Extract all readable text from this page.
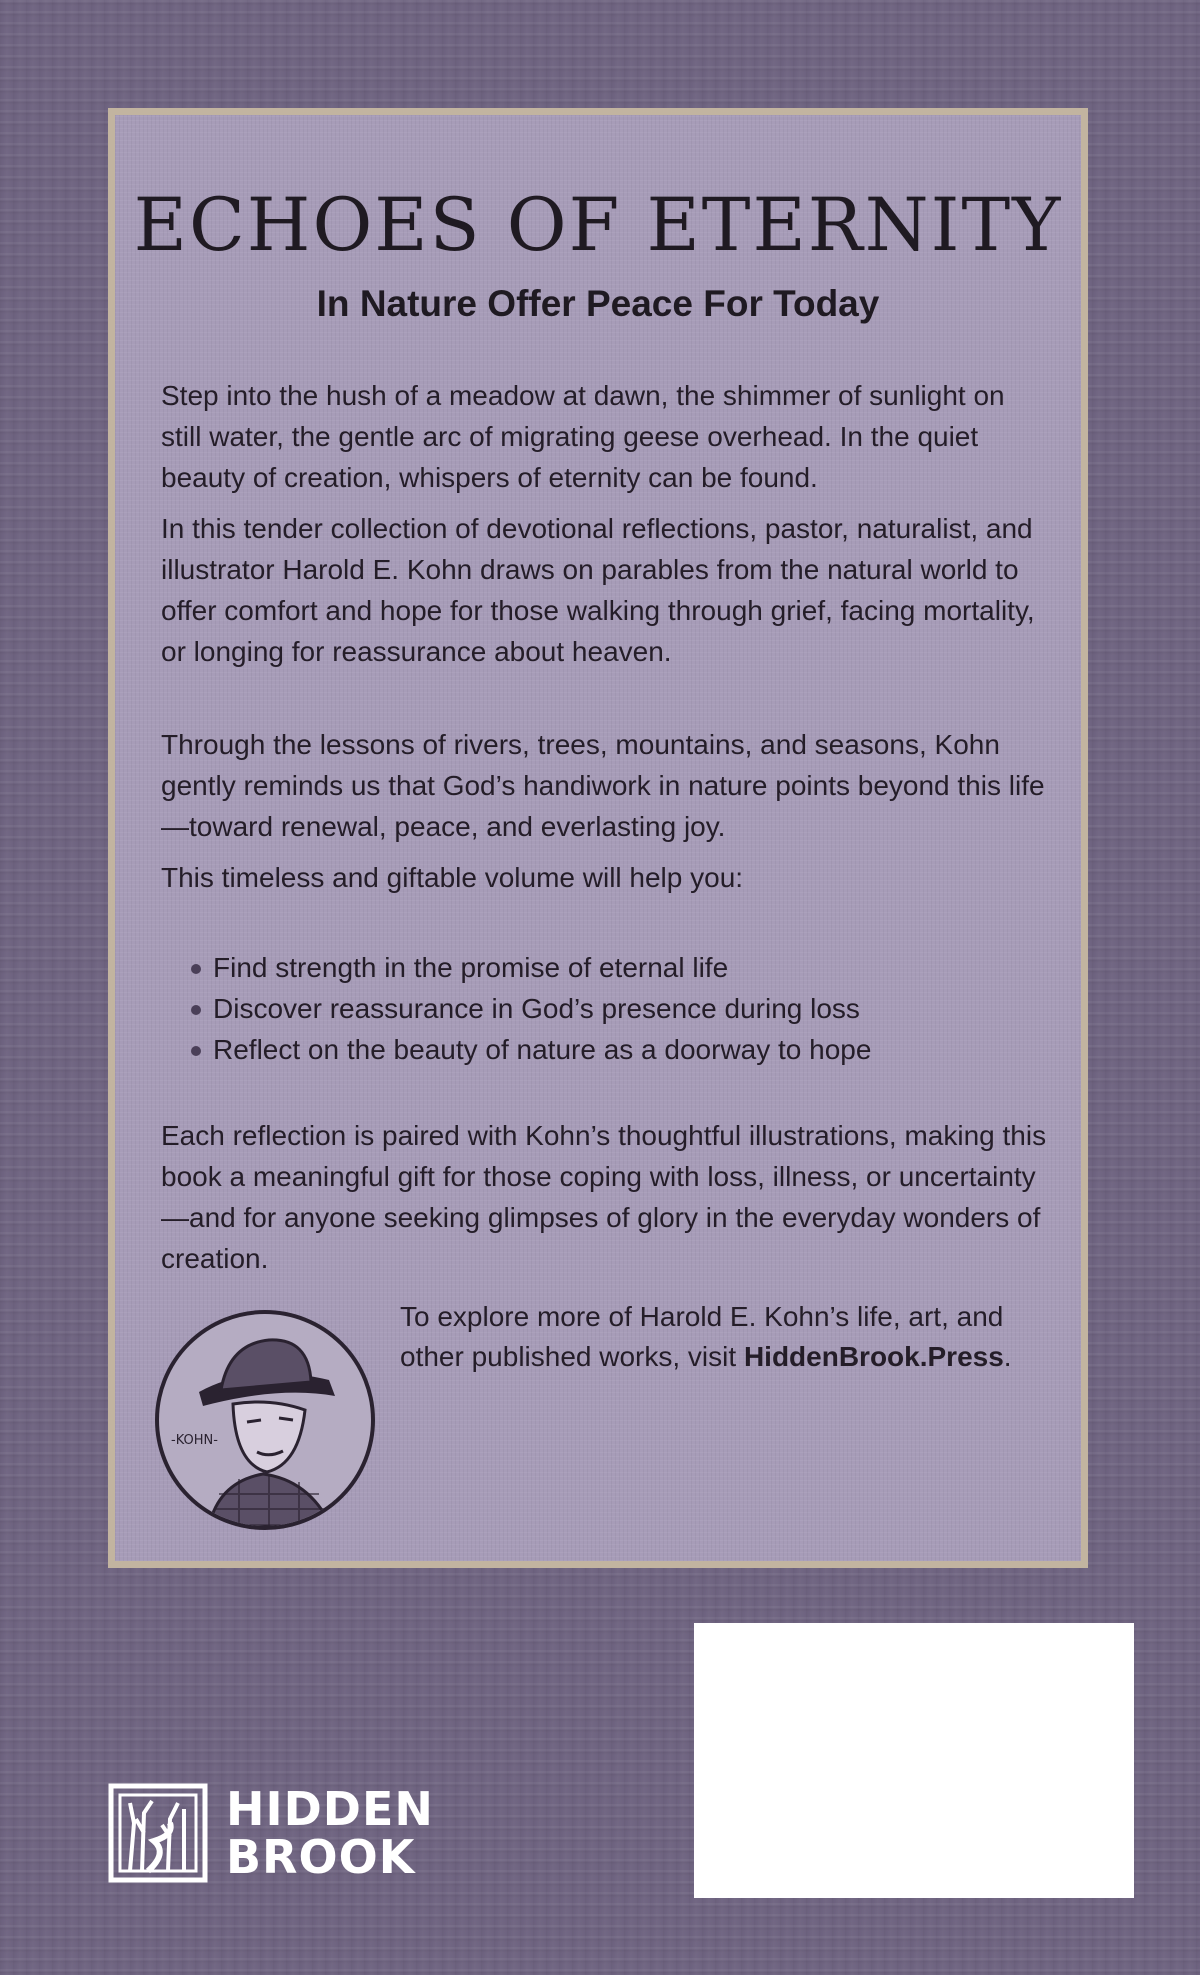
ECHOES OF ETERNITY
In Nature Offer Peace For Today

Step into the hush of a meadow at dawn, the shimmer of sunlight on still water, the gentle arc of migrating geese overhead. In the quiet beauty of creation, whispers of eternity can be found.

In this tender collection of devotional reflections, pastor, naturalist, and illustrator Harold E. Kohn draws on parables from the natural world to offer comfort and hope for those walking through grief, facing mortality, or longing for reassurance about heaven.

Through the lessons of rivers, trees, mountains, and seasons, Kohn gently reminds us that God’s handiwork in nature points beyond this life—toward renewal, peace, and everlasting joy.

This timeless and giftable volume will help you:

Find strength in the promise of eternal life
Discover reassurance in God’s presence during loss
Reflect on the beauty of nature as a doorway to hope

Each reflection is paired with Kohn’s thoughtful illustrations, making this book a meaningful gift for those coping with loss, illness, or uncertainty—and for anyone seeking glimpses of glory in the everyday wonders of creation.

-KOHN-

To explore more of Harold E. Kohn’s life, art, and other published works, visit HiddenBrook.Press.

HIDDEN
BROOK
